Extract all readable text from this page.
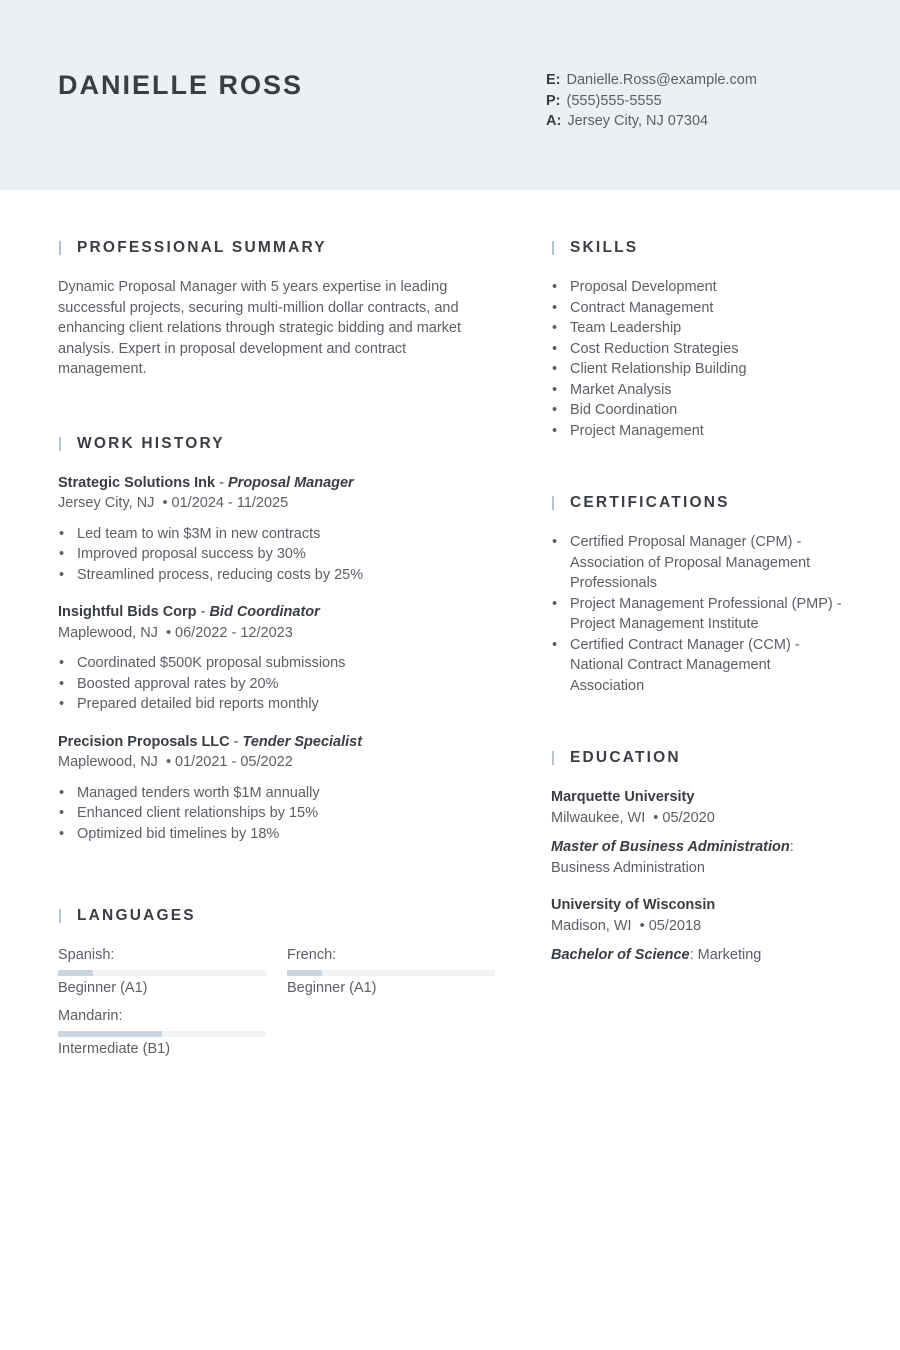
DANIELLE ROSS	E: Danielle.Ross@example.com
P: (555)555-5555
A: Jersey City, NJ 07304
PROFESSIONAL SUMMARY
Dynamic Proposal Manager with 5 years expertise in leading successful projects, securing multi-million dollar contracts, and enhancing client relations through strategic bidding and market analysis. Expert in proposal development and contract management.
WORK HISTORY
Strategic Solutions Ink - Proposal Manager
Jersey City, NJ • 01/2024 - 11/2025
• Led team to win $3M in new contracts
• Improved proposal success by 30%
• Streamlined process, reducing costs by 25%
Insightful Bids Corp - Bid Coordinator
Maplewood, NJ • 06/2022 - 12/2023
• Coordinated $500K proposal submissions
• Boosted approval rates by 20%
• Prepared detailed bid reports monthly
Precision Proposals LLC - Tender Specialist
Maplewood, NJ • 01/2021 - 05/2022
• Managed tenders worth $1M annually
• Enhanced client relationships by 15%
• Optimized bid timelines by 18%
LANGUAGES
Spanish:
Beginner (A1)
French:
Beginner (A1)
Mandarin:
Intermediate (B1)
SKILLS
• Proposal Development
• Contract Management
• Team Leadership
• Cost Reduction Strategies
• Client Relationship Building
• Market Analysis
• Bid Coordination
• Project Management
CERTIFICATIONS
• Certified Proposal Manager (CPM) - Association of Proposal Management Professionals
• Project Management Professional (PMP) - Project Management Institute
• Certified Contract Manager (CCM) - National Contract Management Association
EDUCATION
Marquette University
Milwaukee, WI • 05/2020
Master of Business Administration: Business Administration
University of Wisconsin
Madison, WI • 05/2018
Bachelor of Science: Marketing
